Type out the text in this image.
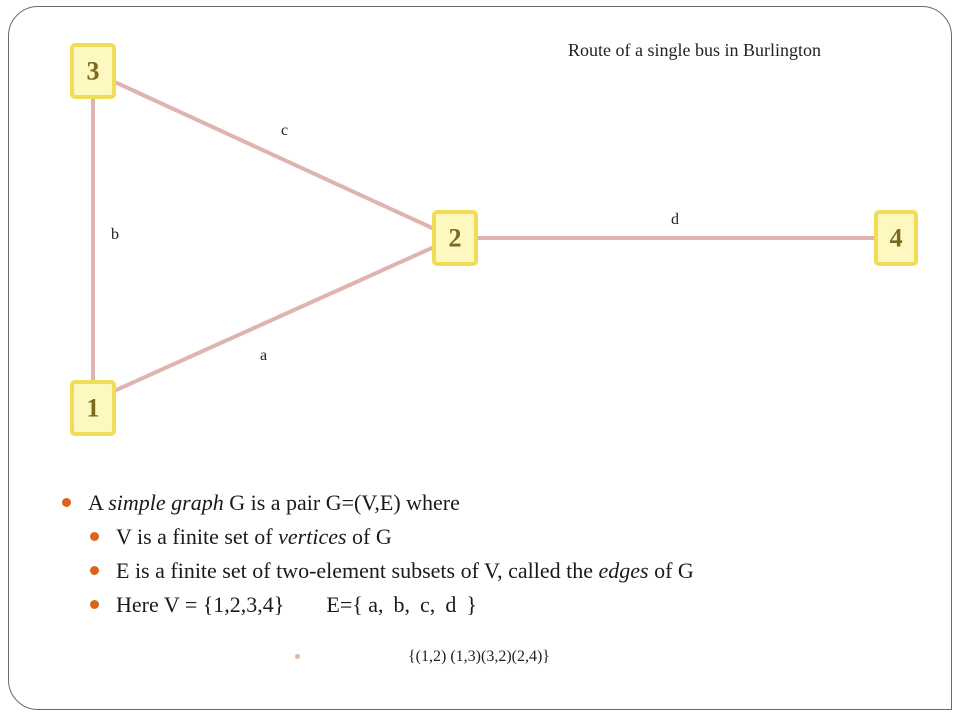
Route of a single bus in Burlington
a
b
c
d
1
2
3
4
A simple graph G is a pair G=(V,E) where
V is a finite set of vertices of G
E is a finite set of two-element subsets of V, called the edges of G
Here V = {1,2,3,4} E={ a, b, c, d }
{(1,2) (1,3)(3,2)(2,4)}
